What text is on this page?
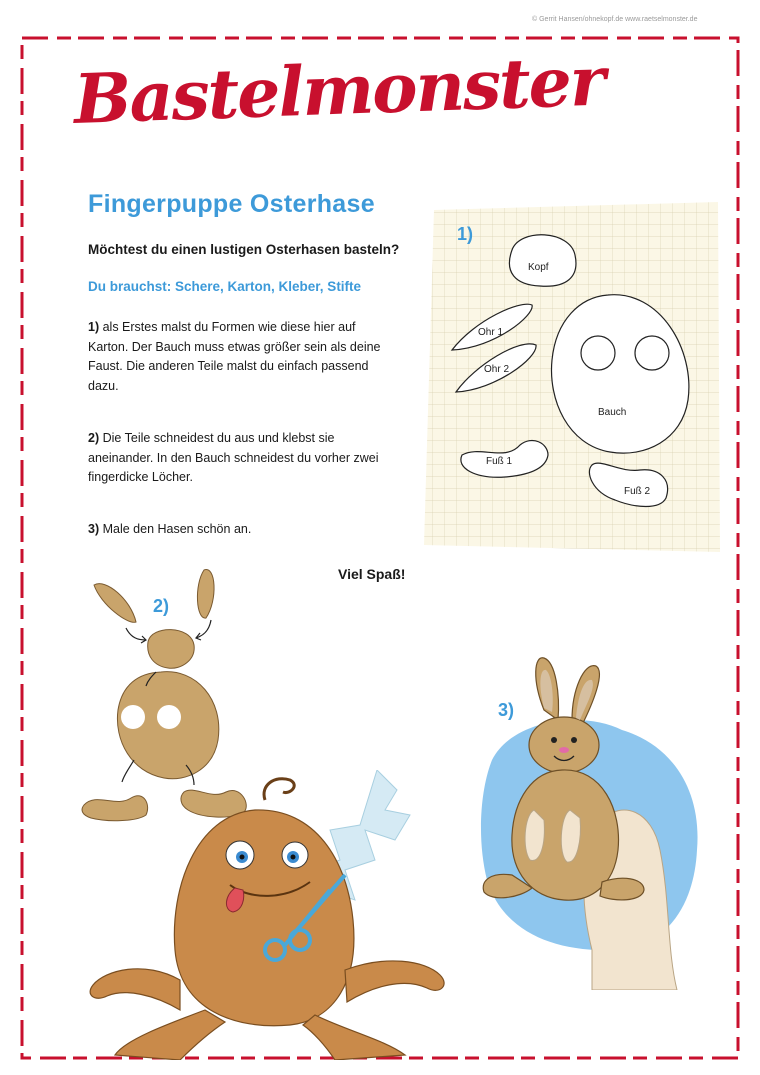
© Gerrit Hansen/ohnekopf.de www.raetselmonster.de
Bastelmonster
Fingerpuppe Osterhase
Möchtest du einen lustigen Osterhasen basteln?
Du brauchst: Schere, Karton, Kleber, Stifte
1) als Erstes malst du Formen wie diese hier auf Karton. Der Bauch muss etwas größer sein als deine Faust. Die anderen Teile malst du einfach passend dazu.
2) Die Teile schneidest du aus und klebst sie aneinander. In den Bauch schneidest du vorher zwei fingerdicke Löcher.
3) Male den Hasen schön an.
Viel Spaß!
Kopf
Ohr 1
Ohr 2
Bauch
Fuß 1
Fuß 2
1)
2)
3)
